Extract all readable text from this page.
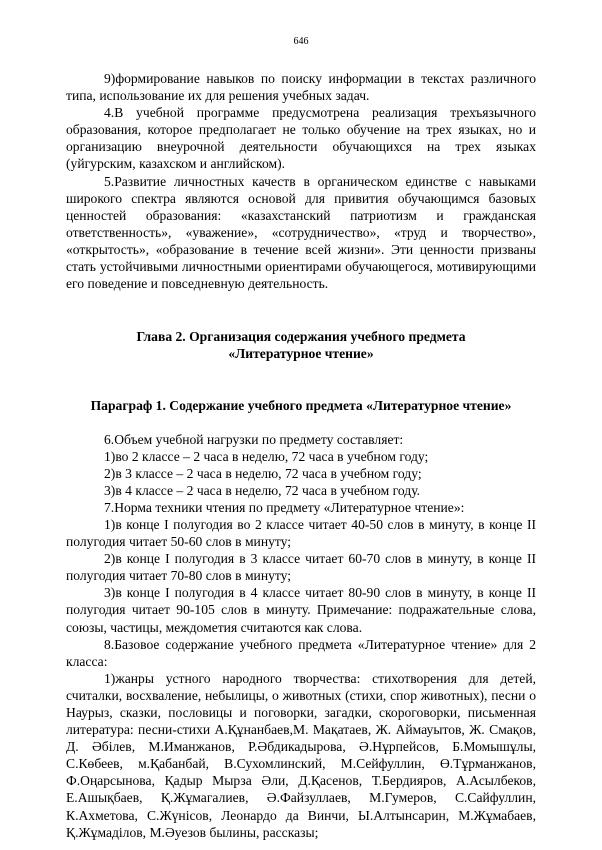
646

9)формирование навыков по поиску информации в текстах различного типа, использование их для решения учебных задач.

4.В учебной программе предусмотрена реализация трехъязычного образования, которое предполагает не только обучение на трех языках, но и организацию внеурочной деятельности обучающихся на трех языках (уйгурским, казахском и английском).

5.Развитие личностных качеств в органическом единстве с навыками широкого спектра являются основой для привития обучающимся базовых ценностей образования: «казахстанский патриотизм и гражданская ответственность», «уважение», «сотрудничество», «труд и творчество», «открытость», «образование в течение всей жизни». Эти ценности призваны стать устойчивыми личностными ориентирами обучающегося, мотивирующими его поведение и повседневную деятельность.

Глава 2. Организация содержания учебного предмета
«Литературное чтение»
Параграф 1. Содержание учебного предмета «Литературное чтение»

6.Объем учебной нагрузки по предмету составляет:

1)во 2 классе – 2 часа в неделю, 72 часа в учебном году;

2)в 3 классе – 2 часа в неделю, 72 часа в учебном году;

3)в 4 классе – 2 часа в неделю, 72 часа в учебном году.

7.Норма техники чтения по предмету «Литературное чтение»:

1)в конце I полугодия во 2 классе читает 40-50 слов в минуту, в конце II полугодия читает 50-60 слов в минуту;

2)в конце I полугодия в 3 классе читает 60-70 слов в минуту, в конце II полугодия читает 70-80 слов в минуту;

3)в конце I полугодия в 4 классе читает 80-90 слов в минуту, в конце II полугодия читает 90-105 слов в минуту. Примечание: подражательные слова, союзы, частицы, междометия считаются как слова.

8.Базовое содержание учебного предмета «Литературное чтение» для 2 класса:

1)жанры устного народного творчества: стихотворения для детей, считалки, восхваление, небылицы, о животных (стихи, спор животных), песни о Наурыз, сказки, пословицы и поговорки, загадки, скороговорки, письменная литература: песни-стихи А.Құнанбаев,М. Мақатаев, Ж. Аймауытов, Ж. Смақов, Д. Әбілев, М.Иманжанов, Р.Әбдикадырова, Ә.Нұрпейсов, Б.Момышұлы, С.Көбеев, м.Қабанбай, В.Сухомлинский, М.Сейфуллин, Ө.Тұрманжанов, Ф.Оңарсынова, Қадыр Мырза Әли, Д.Қасенов, Т.Бердияров, А.Асылбеков, Е.Ашықбаев, Қ.Жұмагалиев, Ә.Файзуллаев, М.Гумеров, С.Сайфуллин, К.Ахметова, С.Жүнісов, Леонардо да Винчи, Ы.Алтынсарин, М.Жұмабаев, Қ.Жұмаділов, М.Әуезов былины, рассказы;
